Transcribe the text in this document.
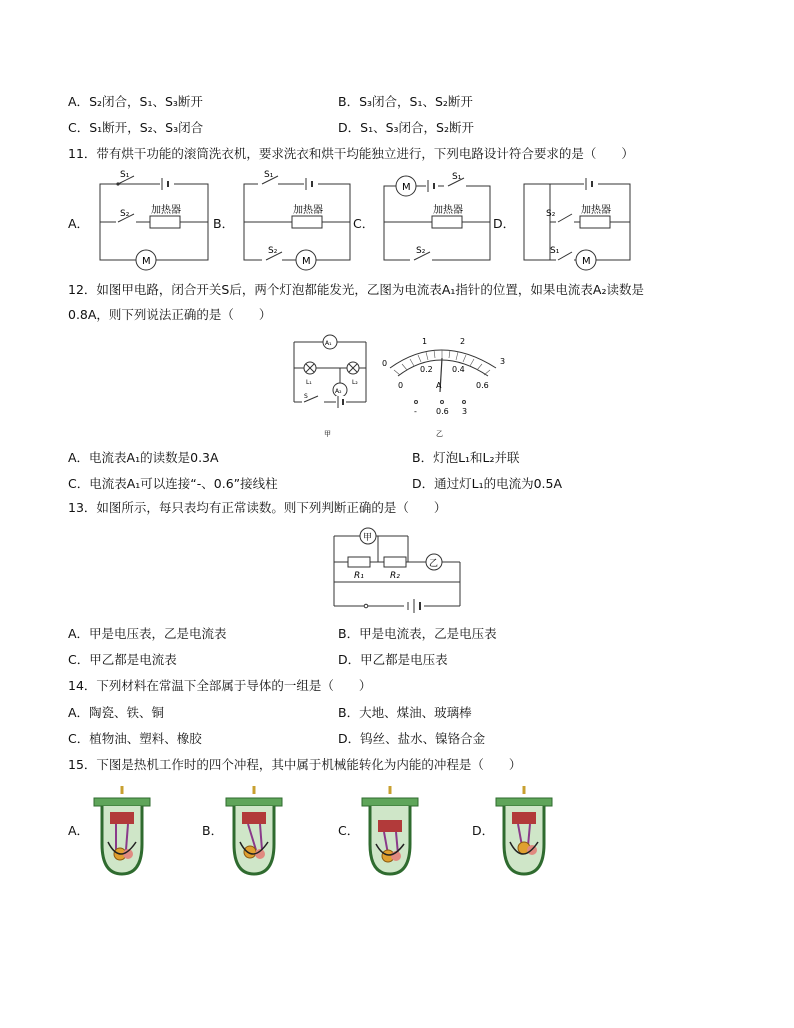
A．S₂闭合，S₁、S₃断开	B．S₃闭合，S₁、S₂断开
C．S₁断开，S₂、S₃闭合	D．S₁、S₃闭合，S₂断开
11．带有烘干功能的滚筒洗衣机，要求洗衣和烘干均能独立进行，下列电路设计符合要求的是（　　）
A．	B．	C．	D．
S₁
S₂ 加热器
M
S₁
加热器
S₂
M
M
S₁
加热器
S₂
S₂	加热器
S₁
M
12．如图甲电路，闭合开关S后，两个灯泡都能发光，乙图为电流表A₁指针的位置，如果电流表A₂读数是
0.8A，则下列说法正确的是（　　）
A₁
L₁	L₂
A₂
S
甲
0
1	2
3
0
0.2 0.4
0.6
A
- 0.6 3
乙
A．电流表A₁的读数是0.3A	B．灯泡L₁和L₂并联
C．电流表A₁可以连接“-、0.6”接线柱	D．通过灯L₁的电流为0.5A
13．如图所示，每只表均有正常读数。则下列判断正确的是（　　）
甲
R₁	R₂
乙
A．甲是电压表，乙是电流表	B．甲是电流表，乙是电压表
C．甲乙都是电流表	D．甲乙都是电压表
14．下列材料在常温下全部属于导体的一组是（　　）
A．陶瓷、铁、铜	B．大地、煤油、玻璃棒
C．植物油、塑料、橡胶	D．钨丝、盐水、镍铬合金
15．下图是热机工作时的四个冲程，其中属于机械能转化为内能的冲程是（　　）
A．	B．	C．	D．
